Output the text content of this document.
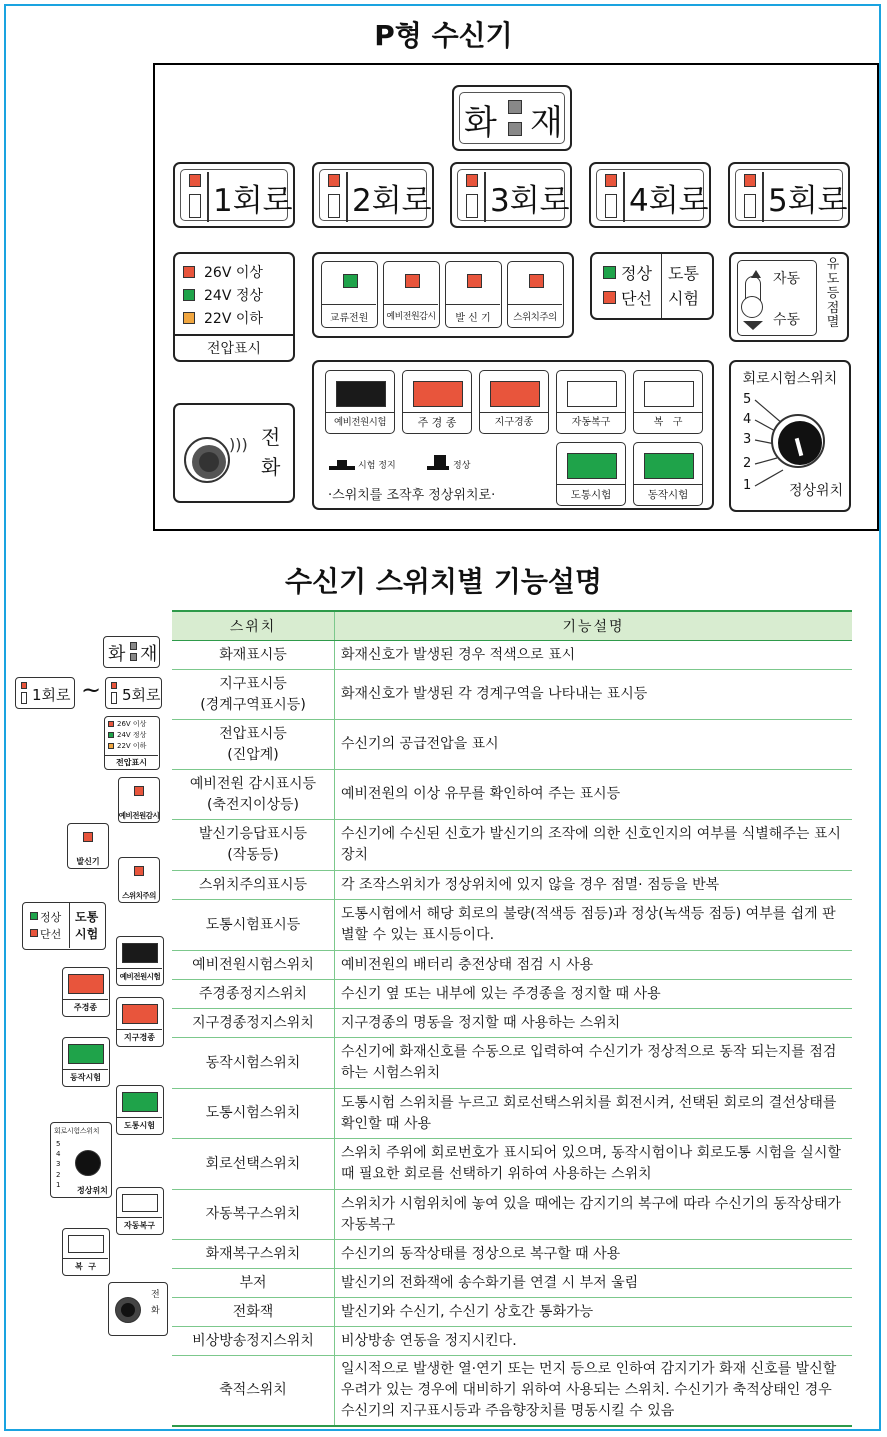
P형 수신기
화 재
1회로 2회로 3회로 4회로 5회로
26V 이상
24V 정상
22V 이하
전압표시
교류전원	예비전원감시	발 신 기	스위치주의
정상
단선
도통
시험
자동
수동
유도등점멸
))) 전
화
예비전원시험	주 경 종	지구경종	자동복구	복   구
도통시험	동작시험
시험 정지	정상
·스위치를 조작후 정상위치로·
회로시험스위치
5
4
3
2
1	정상위치
수신기 스위치별 기능설명
스위치	기능설명
화재표시등	화재신호가 발생된 경우 적색으로 표시
지구표시등
(경계구역표시등)	화재신호가 발생된 각 경계구역을 나타내는 표시등
전압표시등
(진압계)	수신기의 공급전압을 표시
예비전원 감시표시등
(축전지이상등)	예비전원의 이상 유무를 확인하여 주는 표시등
발신기응답표시등
(작동등)	수신기에 수신된 신호가 발신기의 조작에 의한 신호인지의 여부를 식별해주는 표시장치
스위치주의표시등	각 조작스위치가 정상위치에 있지 않을 경우 점멸· 점등을 반복
도통시험표시등	도통시험에서 해당 회로의 불량(적색등 점등)과 정상(녹색등 점등) 여부를 쉽게 판별할 수 있는 표시등이다.
예비전원시험스위치	예비전원의 배터리 충전상태 점검 시 사용
주경종정지스위치	수신기 옆 또는 내부에 있는 주경종을 정지할 때 사용
지구경종정지스위치	지구경종의 명동을 정지할 때 사용하는 스위치
동작시험스위치	수신기에 화재신호를 수동으로 입력하여 수신기가 정상적으로 동작 되는지를 점검하는 시험스위치
도통시험스위치	도통시험 스위치를 누르고 회로선택스위치를 회전시켜, 선택된 회로의 결선상태를 확인할 때 사용
회로선택스위치	스위치 주위에 회로번호가 표시되어 있으며, 동작시험이나 회로도통 시험을 실시할 때 필요한 회로를 선택하기 위하여 사용하는 스위치
자동복구스위치	스위치가 시험위치에 놓여 있을 때에는 감지기의 복구에 따라 수신기의 동작상태가 자동복구
화재복구스위치	수신기의 동작상태를 정상으로 복구할 때 사용
부저	발신기의 전화잭에 송수화기를 연결 시 부저 울림
전화잭	발신기와 수신기, 수신기 상호간 통화가능
비상방송정지스위치	비상방송 연동을 정지시킨다.
축적스위치	일시적으로 발생한 열·연기 또는 먼지 등으로 인하여 감지기가 화재 신호를 발신할 우려가 있는 경우에 대비하기 위하여 사용되는 스위치. 수신기가 축적상태인 경우 수신기의 지구표시등과 주음향장치를 명동시킬 수 있음
화 재
1회로 ~ 5회로
26V 이상
24V 정상
22V 이하
전압표시
예비전원감시
발신기
스위치주의
정상
단선
도통
시험
예비전원시험
주경종
지구경종
동작시험
도통시험
회로시험스위치
5
4
3
2
1
정상위치
자동복구
복  구
전
화
